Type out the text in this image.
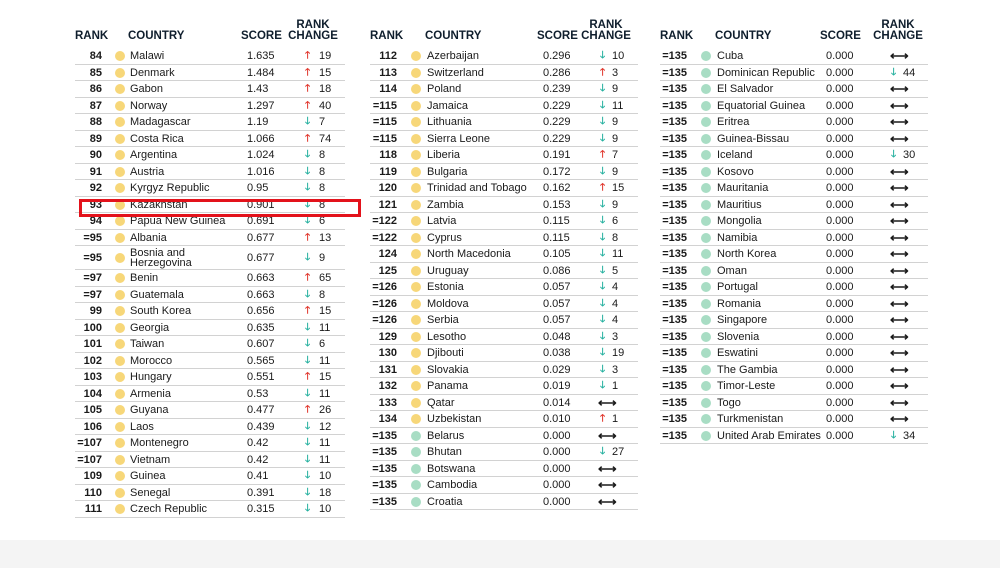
RANK COUNTRY	SCORE
RANK
CHANGE
84	Malawi	1.635	🡑 19
85	Denmark	1.484	🡑 15
86	Gabon	1.43	🡑 18
87	Norway	1.297	🡑 40
88	Madagascar	1.19	🡓 7
89	Costa Rica	1.066	🡑 74
90	Argentina	1.024	🡓 8
91	Austria	1.016	🡓 8
92	Kyrgyz Republic	0.95	🡓 8
93	Kazakhstan	0.901	🡓 8
94	Papua New Guinea 0.691	🡓 6
=95	Albania	0.677	🡑 13
=95	Bosnia and
Herzegovina	0.677	🡓 9
=97	Benin	0.663	🡑 65
=97	Guatemala	0.663	🡓 8
99	South Korea	0.656	🡑 15
100	Georgia	0.635	🡓 11
101	Taiwan	0.607	🡓 6
102	Morocco	0.565	🡓 11
103	Hungary	0.551	🡑 15
104	Armenia	0.53	🡓 11
105	Guyana	0.477	🡑 26
106	Laos	0.439	🡓 12
=107	Montenegro	0.42	🡓 11
=107	Vietnam	0.42	🡓 11
109	Guinea	0.41	🡓 10
110	Senegal	0.391	🡓 18
111	Czech Republic	0.315	🡓 10
RANK COUNTRY	SCORE
RANK
CHANGE
112	Azerbaijan	0.296	🡓 10
113	Switzerland	0.286	🡑 3
114	Poland	0.239	🡓 9
=115	Jamaica	0.229	🡓 11
=115	Lithuania	0.229	🡓 9
=115	Sierra Leone	0.229	🡓 9
118	Liberia	0.191	🡑 7
119	Bulgaria	0.172	🡓 9
120	Trinidad and Tobago 0.162	🡑 15
121	Zambia	0.153	🡓 9
=122	Latvia	0.115	🡓 6
=122	Cyprus	0.115	🡓 8
124	North Macedonia	0.105	🡓 11
125	Uruguay	0.086	🡓 5
=126	Estonia	0.057	🡓 4
=126	Moldova	0.057	🡓 4
=126	Serbia	0.057	🡓 4
129	Lesotho	0.048	🡓 3
130	Djibouti	0.038	🡓 19
131	Slovakia	0.029	🡓 3
132	Panama	0.019	🡓 1
133	Qatar	0.014 ⟷
134	Uzbekistan	0.010	🡑 1
=135	Belarus	0.000 ⟷
=135	Bhutan	0.000	🡓 27
=135	Botswana	0.000 ⟷
=135	Cambodia	0.000 ⟷
=135	Croatia	0.000 ⟷
RANK COUNTRY	SCORE
RANK
CHANGE
=135	Cuba	0.000	⟷
=135	Dominican Republic 0.000	🡓 44
=135	El Salvador	0.000	⟷
=135	Equatorial Guinea 0.000	⟷
=135	Eritrea	0.000	⟷
=135	Guinea-Bissau	0.000	⟷
=135	Iceland	0.000	🡓 30
=135	Kosovo	0.000	⟷
=135	Mauritania	0.000	⟷
=135	Mauritius	0.000	⟷
=135	Mongolia	0.000	⟷
=135	Namibia	0.000	⟷
=135	North Korea	0.000	⟷
=135	Oman	0.000	⟷
=135	Portugal	0.000	⟷
=135	Romania	0.000	⟷
=135	Singapore	0.000	⟷
=135	Slovenia	0.000	⟷
=135	Eswatini	0.000	⟷
=135	The Gambia	0.000	⟷
=135	Timor-Leste	0.000	⟷
=135	Togo	0.000	⟷
=135	Turkmenistan	0.000	⟷
=135	United Arab Emirates 0.000	🡓 34
